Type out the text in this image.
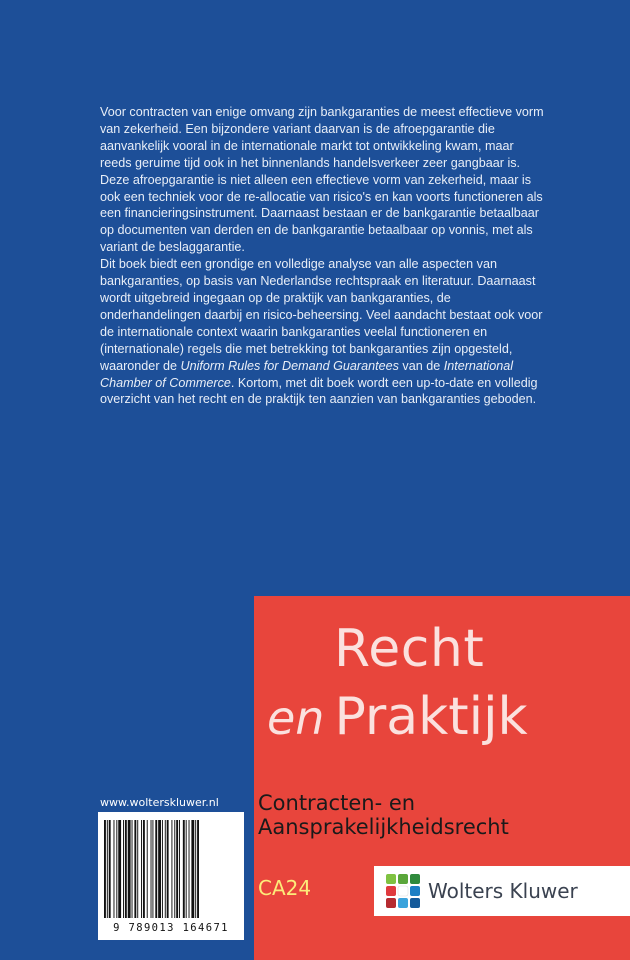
Voor contracten van enige omvang zijn bankgaranties de meest effectieve vorm van zekerheid. Een bijzondere variant daarvan is de afroepgarantie die aanvankelijk vooral in de internationale markt tot ontwikkeling kwam, maar reeds geruime tijd ook in het binnenlands handelsverkeer zeer gangbaar is. Deze afroepgarantie is niet alleen een effectieve vorm van zekerheid, maar is ook een techniek voor de re-allocatie van risico's en kan voorts functioneren als een financieringsinstrument. Daarnaast bestaan er de bankgarantie betaalbaar op documenten van derden en de bankgarantie betaalbaar op vonnis, met als variant de beslaggarantie.

Dit boek biedt een grondige en volledige analyse van alle aspecten van bankgaranties, op basis van Nederlandse rechtspraak en literatuur. Daarnaast wordt uitgebreid ingegaan op de praktijk van bankgaranties, de onderhandelingen daarbij en risico-beheersing. Veel aandacht bestaat ook voor de internationale context waarin bankgaranties veelal functioneren en (internationale) regels die met betrekking tot bankgaranties zijn opgesteld, waaronder de Uniform Rules for Demand Guarantees van de International Chamber of Commerce. Kortom, met dit boek wordt een up-to-date en volledig overzicht van het recht en de praktijk ten aanzien van bankgaranties geboden.

www.wolterskluwer.nl
9 789013 164671
Recht
en Praktijk
Contracten- en
Aansprakelijkheidsrecht
CA24	Wolters Kluwer
